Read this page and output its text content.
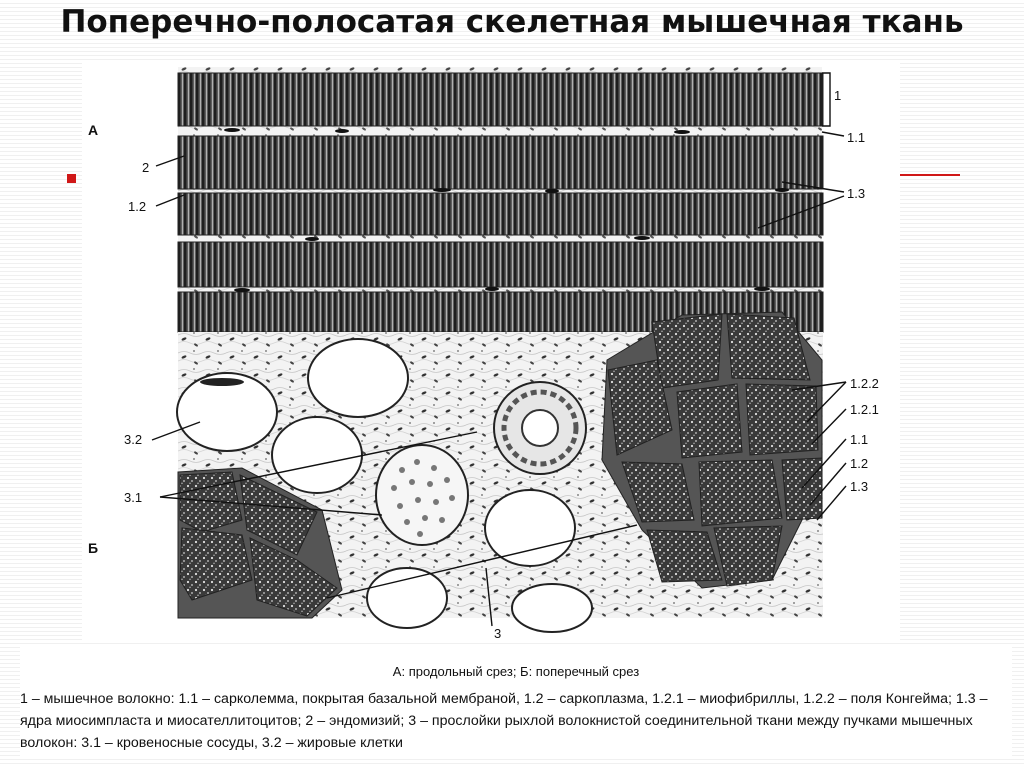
Поперечно-полосатая скелетная мышечная ткань
А
Б
1
1.1
2
1.2
1.3
3.2
3.1
3
1.2.2
1.2.1
1.1
1.2
1.3
А: продольный срез; Б: поперечный срез
1 – мышечное волокно: 1.1 – сарколемма, покрытая базальной мембраной, 1.2 – саркоплазма, 1.2.1 – миофибриллы, 1.2.2 – поля Конгейма; 1.3 – ядра миосимпласта и миосателлитоцитов; 2 – эндомизий; 3 – прослойки рыхлой волокнистой соединительной ткани между пучками мышечных волокон: 3.1 – кровеносные сосуды, 3.2 – жировые клетки
